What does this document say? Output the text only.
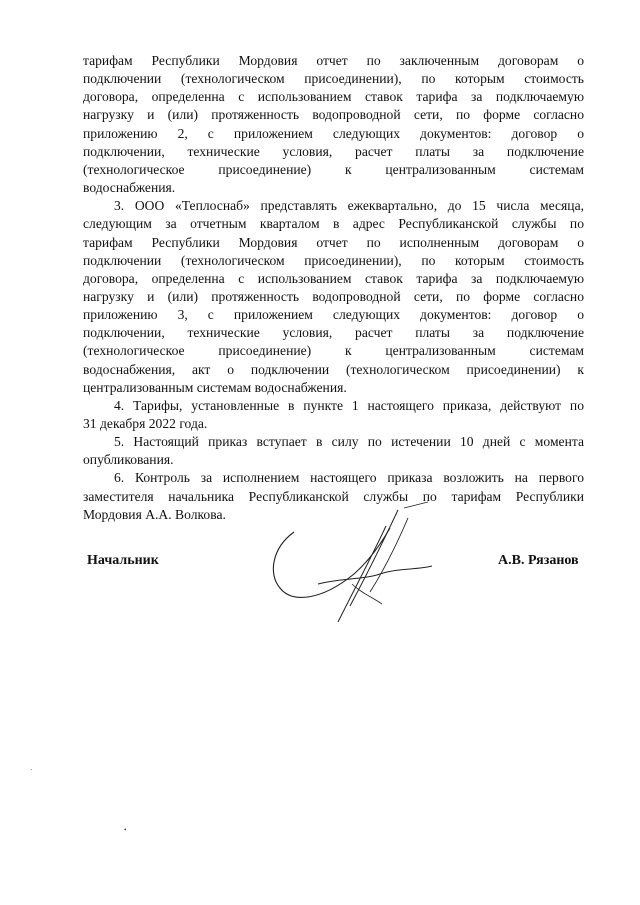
тарифам Республики Мордовия отчет по заключенным договорам о
подключении (технологическом присоединении), по которым стоимость
договора, определенна с использованием ставок тарифа за подключаемую
нагрузку и (или) протяженность водопроводной сети, по форме согласно
приложению 2, с приложением следующих документов: договор о
подключении, технические условия, расчет платы за подключение
(технологическое присоединение) к централизованным системам
водоснабжения.
3. ООО «Теплоснаб» представлять ежеквартально, до 15 числа месяца,
следующим за отчетным кварталом в адрес Республиканской службы по
тарифам Республики Мордовия отчет по исполненным договорам о
подключении (технологическом присоединении), по которым стоимость
договора, определенна с использованием ставок тарифа за подключаемую
нагрузку и (или) протяженность водопроводной сети, по форме согласно
приложению 3, с приложением следующих документов: договор о
подключении, технические условия, расчет платы за подключение
(технологическое присоединение) к централизованным системам
водоснабжения, акт о подключении (технологическом присоединении) к
централизованным системам водоснабжения.
4. Тарифы, установленные в пункте 1 настоящего приказа, действуют по
31 декабря 2022 года.
5. Настоящий приказ вступает в силу по истечении 10 дней с момента
опубликования.
6. Контроль за исполнением настоящего приказа возложить на первого
заместителя начальника Республиканской службы по тарифам Республики
Мордовия А.А. Волкова.
Начальник	А.В. Рязанов
·
•
